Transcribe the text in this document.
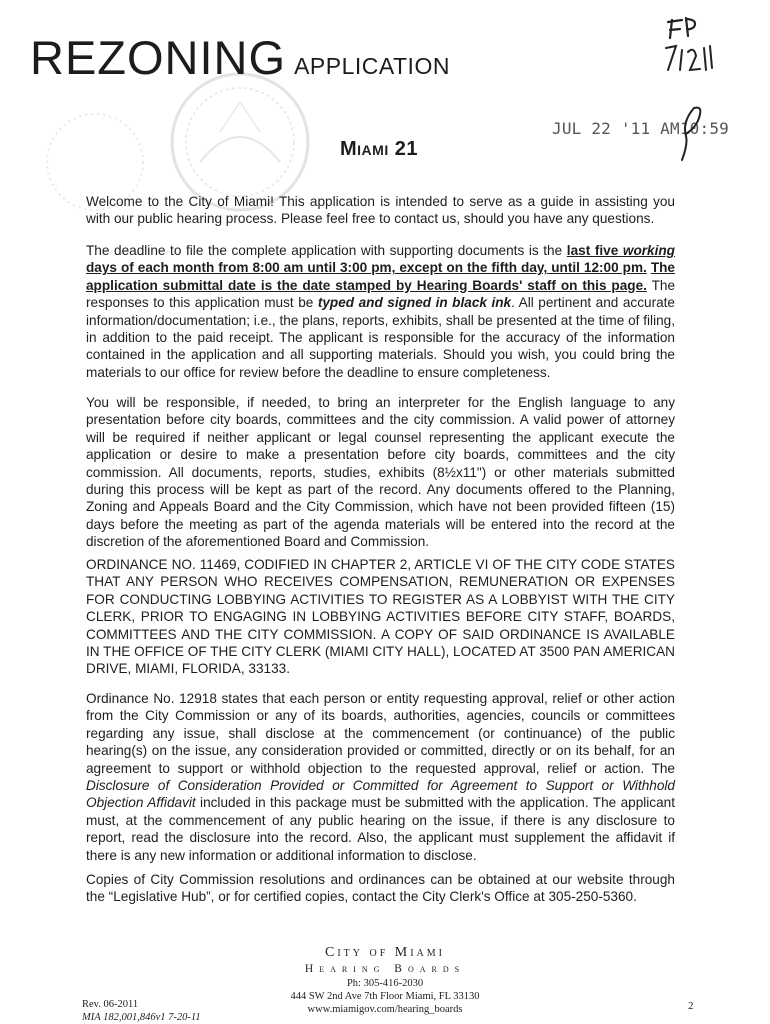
REZONING APPLICATION
Miami 21
JUL 22 '11 AM10:59
Welcome to the City of Miami! This application is intended to serve as a guide in assisting you with our public hearing process. Please feel free to contact us, should you have any questions.
The deadline to file the complete application with supporting documents is the last five working days of each month from 8:00 am until 3:00 pm, except on the fifth day, until 12:00 pm. The application submittal date is the date stamped by Hearing Boards' staff on this page. The responses to this application must be typed and signed in black ink. All pertinent and accurate information/documentation; i.e., the plans, reports, exhibits, shall be presented at the time of filing, in addition to the paid receipt. The applicant is responsible for the accuracy of the information contained in the application and all supporting materials. Should you wish, you could bring the materials to our office for review before the deadline to ensure completeness.
You will be responsible, if needed, to bring an interpreter for the English language to any presentation before city boards, committees and the city commission. A valid power of attorney will be required if neither applicant or legal counsel representing the applicant execute the application or desire to make a presentation before city boards, committees and the city commission. All documents, reports, studies, exhibits (8½x11") or other materials submitted during this process will be kept as part of the record. Any documents offered to the Planning, Zoning and Appeals Board and the City Commission, which have not been provided fifteen (15) days before the meeting as part of the agenda materials will be entered into the record at the discretion of the aforementioned Board and Commission.
ORDINANCE NO. 11469, CODIFIED IN CHAPTER 2, ARTICLE VI OF THE CITY CODE STATES THAT ANY PERSON WHO RECEIVES COMPENSATION, REMUNERATION OR EXPENSES FOR CONDUCTING LOBBYING ACTIVITIES TO REGISTER AS A LOBBYIST WITH THE CITY CLERK, PRIOR TO ENGAGING IN LOBBYING ACTIVITIES BEFORE CITY STAFF, BOARDS, COMMITTEES AND THE CITY COMMISSION. A COPY OF SAID ORDINANCE IS AVAILABLE IN THE OFFICE OF THE CITY CLERK (MIAMI CITY HALL), LOCATED AT 3500 PAN AMERICAN DRIVE, MIAMI, FLORIDA, 33133.
Ordinance No. 12918 states that each person or entity requesting approval, relief or other action from the City Commission or any of its boards, authorities, agencies, councils or committees regarding any issue, shall disclose at the commencement (or continuance) of the public hearing(s) on the issue, any consideration provided or committed, directly or on its behalf, for an agreement to support or withhold objection to the requested approval, relief or action. The Disclosure of Consideration Provided or Committed for Agreement to Support or Withhold Objection Affidavit included in this package must be submitted with the application. The applicant must, at the commencement of any public hearing on the issue, if there is any disclosure to report, read the disclosure into the record. Also, the applicant must supplement the affidavit if there is any new information or additional information to disclose.
Copies of City Commission resolutions and ordinances can be obtained at our website through the “Legislative Hub”, or for certified copies, contact the City Clerk's Office at 305-250-5360.
City of Miami
Hearing Boards
Ph: 305-416-2030
444 SW 2nd Ave 7th Floor Miami, FL 33130
www.miamigov.com/hearing_boards
Rev. 06-2011
MIA 182,001,846v1 7-20-11
2
